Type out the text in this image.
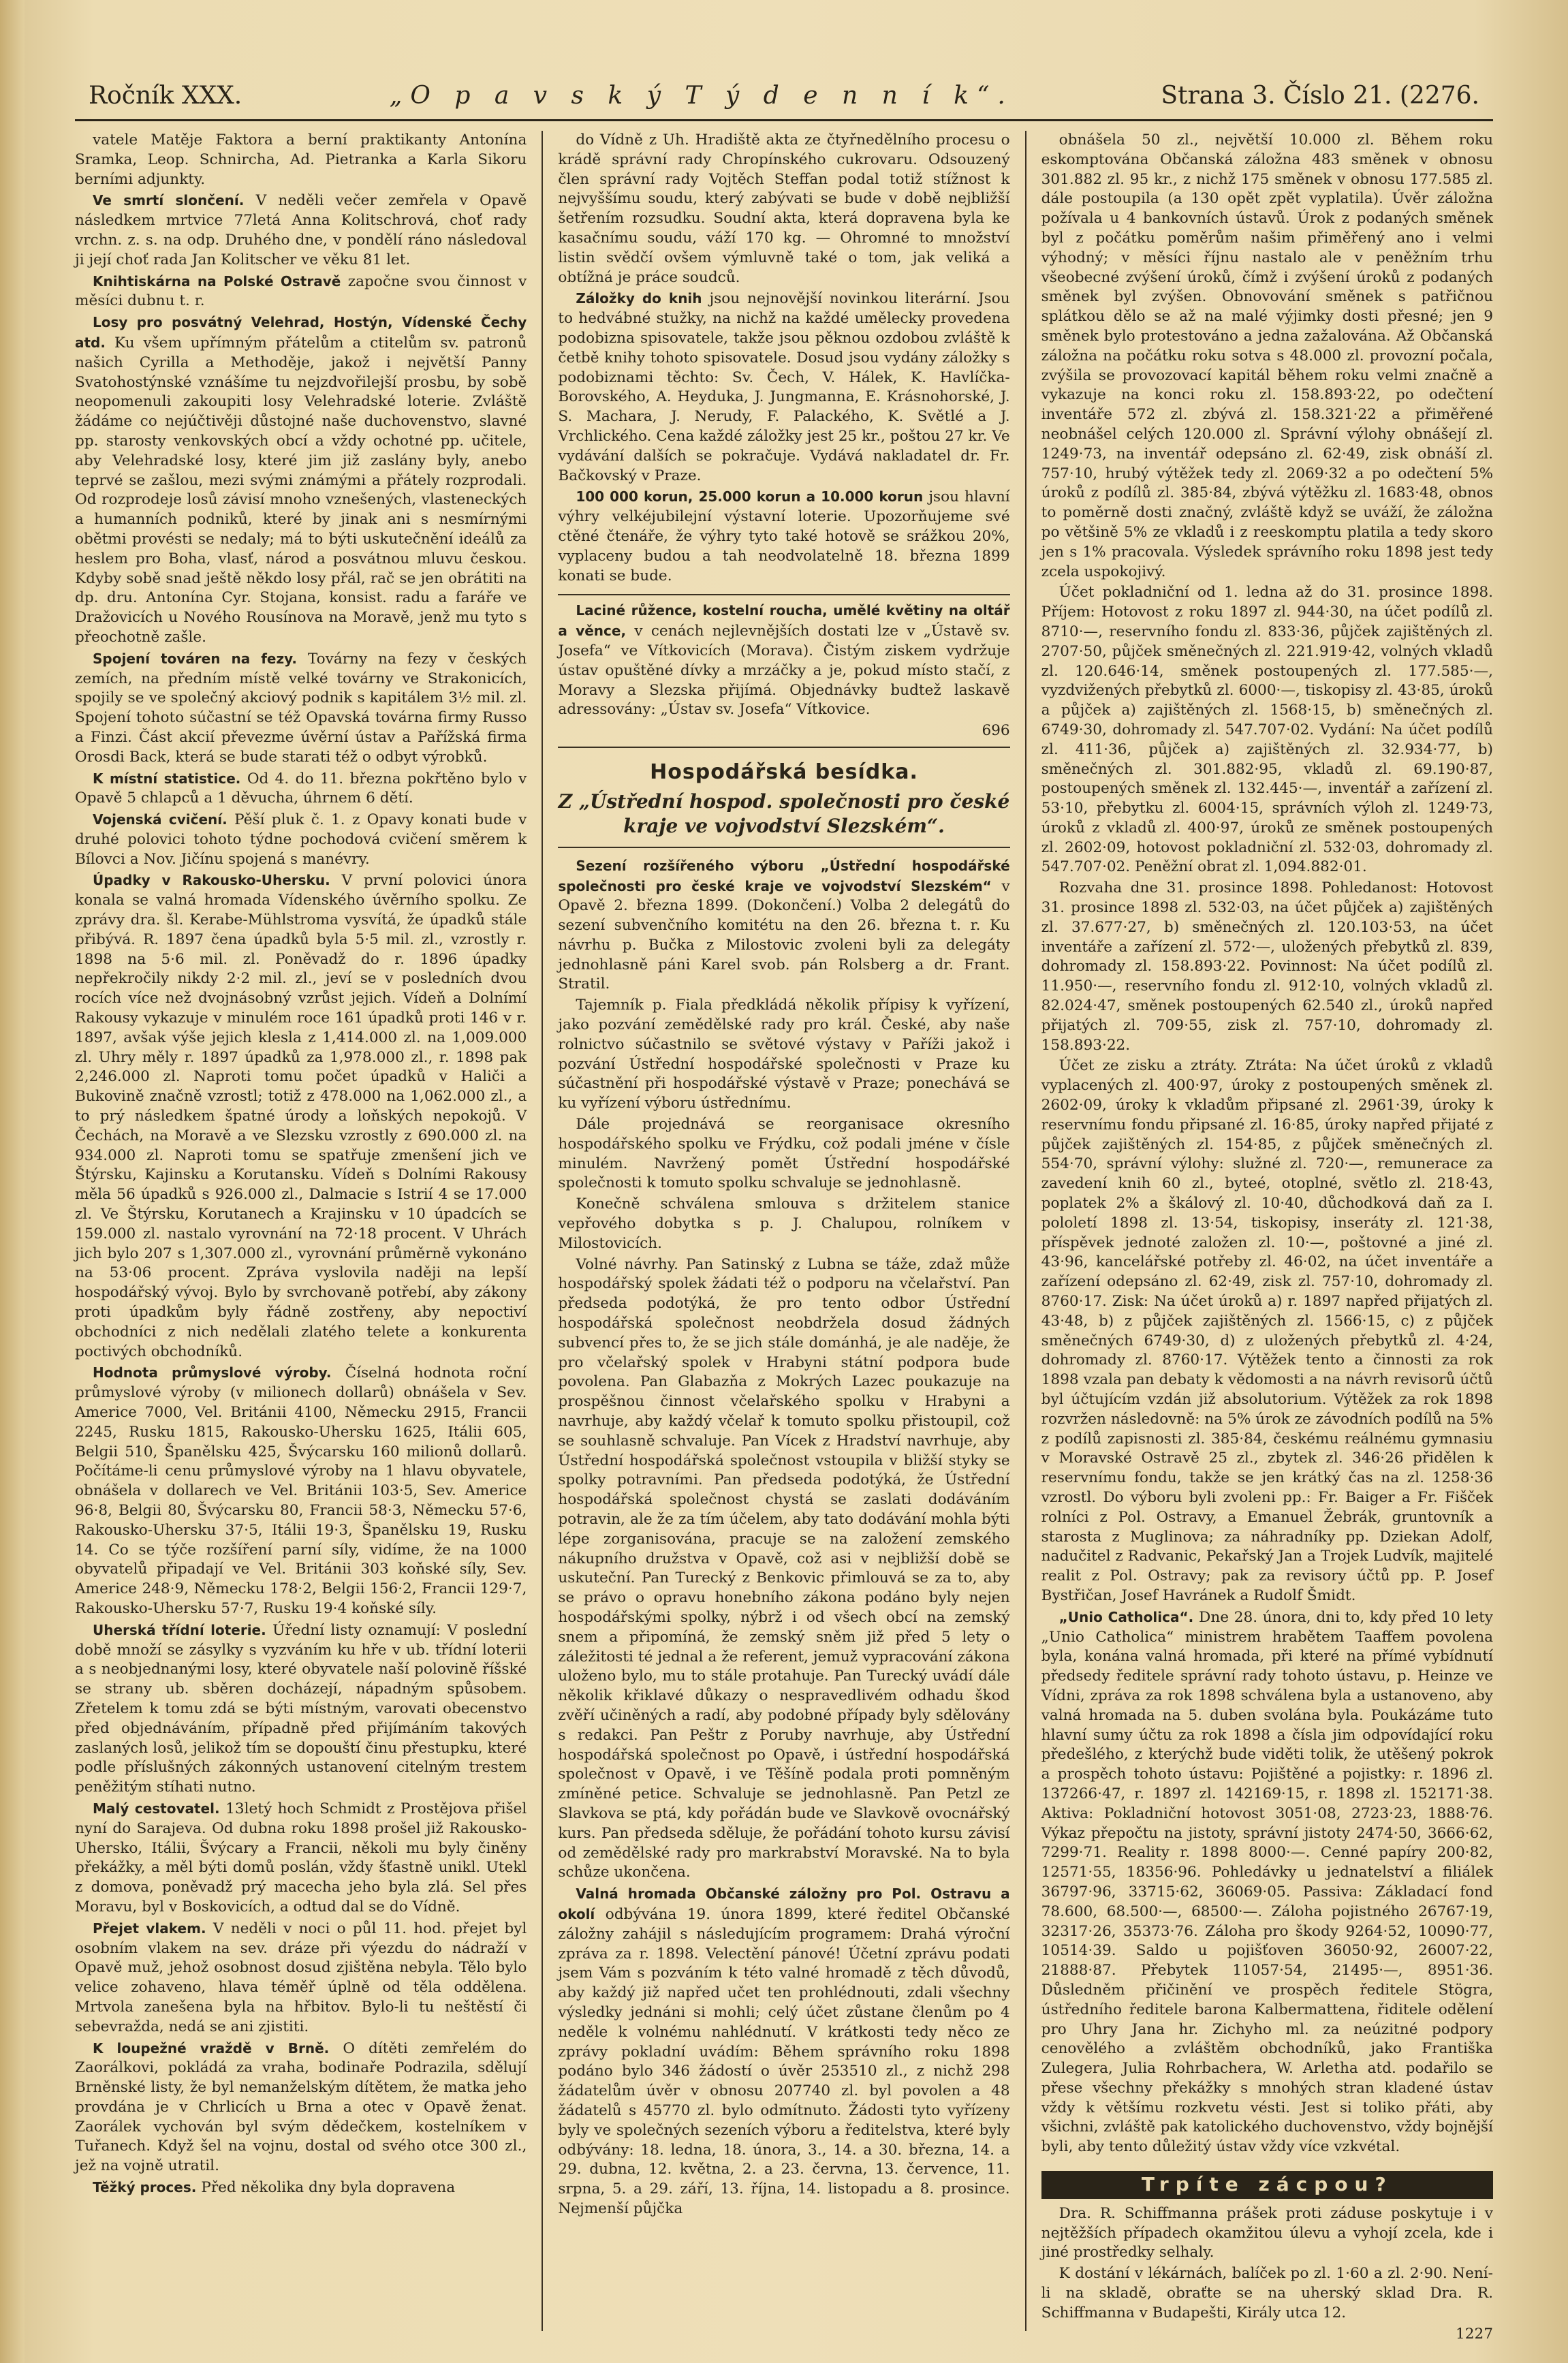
Ročník XXX.	„O p a v s k ý T ý d e n n í k“.	Strana 3. Číslo 21. (2276.

vatele Matěje Faktora a berní praktikanty Antonína Sramka, Leop. Schnircha, Ad. Pietranka a Karla Sikoru berními adjunkty.

Ve smrtí slončení. V neděli večer zemřela v Opavě následkem mrtvice 77letá Anna Kolitschrová, choť rady vrchn. z. s. na odp. Druhého dne, v pondělí ráno následoval ji její choť rada Jan Kolitscher ve věku 81 let.

Knihtiskárna na Polské Ostravě započne svou činnost v měsíci dubnu t. r.

Losy pro posvátný Velehrad, Hostýn, Vídenské Čechy atd. Ku všem upřímným přátelům a ctitelům sv. patronů našich Cyrilla a Methoděje, jakož i největší Panny Svatohostýnské vznášíme tu nejzdvořilejší prosbu, by sobě neopomenuli zakoupiti losy Velehradské loterie. Zvláště žádáme co nejúčtivěji důstojné naše duchovenstvo, slavné pp. starosty venkovských obcí a vždy ochotné pp. učitele, aby Velehradské losy, které jim již zaslány byly, anebo teprvé se zašlou, mezi svými známými a přátely rozprodali. Od rozprodeje losů závisí mnoho vznešených, vlasteneckých a humanních podniků, které by jinak ani s nesmírnými obětmi provésti se nedaly; má to býti uskutečnění ideálů za heslem pro Boha, vlasť, národ a posvátnou mluvu českou. Kdyby sobě snad ještě někdo losy přál, rač se jen obrátiti na dp. dru. Antonína Cyr. Stojana, konsist. radu a faráře ve Dražovicích u Nového Rousínova na Moravě, jenž mu tyto s přeochotně zašle.

Spojení továren na fezy. Továrny na fezy v českých zemích, na předním místě velké továrny ve Strakonicích, spojily se ve společný akciový podnik s kapitálem 3½ mil. zl. Spojení tohoto súčastní se též Opavská továrna firmy Russo a Finzi. Část akcií převezme úvěrní ústav a Pařížská firma Orosdi Back, která se bude starati též o odbyt výrobků.

K místní statistice. Od 4. do 11. března pokřtěno bylo v Opavě 5 chlapců a 1 děvucha, úhrnem 6 dětí.

Vojenská cvičení. Pěší pluk č. 1. z Opavy konati bude v druhé polovici tohoto týdne pochodová cvičení směrem k Bílovci a Nov. Jičínu spojená s manévry.

Úpadky v Rakousko-Uhersku. V první polovici února konala se valná hromada Vídenského úvěrního spolku. Ze zprávy dra. šl. Kerabe-Mühlstroma vysvítá, že úpadků stále přibývá. R. 1897 čena úpadků byla 5·5 mil. zl., vzrostly r. 1898 na 5·6 mil. zl. Poněvadž do r. 1896 úpadky nepřekročily nikdy 2·2 mil. zl., jeví se v posledních dvou rocích více než dvojnásobný vzrůst jejich. Vídeň a Dolnímí Rakousy vykazuje v minulém roce 161 úpadků proti 146 v r. 1897, avšak výše jejich klesla z 1,414.000 zl. na 1,009.000 zl. Uhry měly r. 1897 úpadků za 1,978.000 zl., r. 1898 pak 2,246.000 zl. Naproti tomu počet úpadků v Haliči a Bukovině značně vzrostl; totiž z 478.000 na 1,062.000 zl., a to prý následkem špatné úrody a loňských nepokojů. V Čechách, na Moravě a ve Slezsku vzrostly z 690.000 zl. na 934.000 zl. Naproti tomu se spatřuje zmenšení jich ve Štýrsku, Kajinsku a Korutansku. Vídeň s Dolními Rakousy měla 56 úpadků s 926.000 zl., Dalmacie s Istrií 4 se 17.000 zl. Ve Štýrsku, Korutanech a Krajinsku v 10 úpadcích se 159.000 zl. nastalo vyrovnání na 72·18 procent. V Uhrách jich bylo 207 s 1,307.000 zl., vyrovnání průměrně vykonáno na 53·06 procent. Zpráva vyslovila naději na lepší hospodářský vývoj. Bylo by svrchovaně potřebí, aby zákony proti úpadkům byly řádně zostřeny, aby nepoctiví obchodníci z nich nedělali zlatého telete a konkurenta poctivých obchodníků.

Hodnota průmyslové výroby. Číselná hodnota roční průmyslové výroby (v milionech dollarů) obnášela v Sev. Americe 7000, Vel. Británii 4100, Německu 2915, Francii 2245, Rusku 1815, Rakousko-Uhersku 1625, Itálii 605, Belgii 510, Španělsku 425, Švýcarsku 160 milionů dollarů. Počítáme-li cenu průmyslové výroby na 1 hlavu obyvatele, obnášela v dollarech ve Vel. Británii 103·5, Sev. Americe 96·8, Belgii 80, Švýcarsku 80, Francii 58·3, Německu 57·6, Rakousko-Uhersku 37·5, Itálii 19·3, Španělsku 19, Rusku 14. Co se týče rozšíření parní síly, vidíme, že na 1000 obyvatelů připadají ve Vel. Británii 303 koňské síly, Sev. Americe 248·9, Německu 178·2, Belgii 156·2, Francii 129·7, Rakousko-Uhersku 57·7, Rusku 19·4 koňské síly.

Uherská třídní loterie. Úřední listy oznamují: V poslední době množí se zásylky s vyzváním ku hře v ub. třídní loterii a s neobjednanými losy, které obyvatele naší polovině říšské se strany ub. sběren docházejí, nápadným spůsobem. Zřetelem k tomu zdá se býti místným, varovati obecenstvo před objednáváním, případně před přijímáním takových zaslaných losů, jelikož tím se dopouští činu přestupku, které podle příslušných zákonných ustanovení citelným trestem peněžitým stíhati nutno.

Malý cestovatel. 13letý hoch Schmidt z Prostějova přišel nyní do Sarajeva. Od dubna roku 1898 prošel již Rakousko-Uhersko, Itálii, Švýcary a Francii, několi mu byly činěny překážky, a měl býti domů poslán, vždy šťastně unikl. Utekl z domova, poněvadž prý macecha jeho byla zlá. Sel přes Moravu, byl v Boskovicích, a odtud dal se do Vídně.

Přejet vlakem. V neděli v noci o půl 11. hod. přejet byl osobním vlakem na sev. dráze při výezdu do nádraží v Opavě muž, jehož osobnost dosud zjištěna nebyla. Tělo bylo velice zohaveno, hlava téměř úplně od těla oddělena. Mrtvola zanešena byla na hřbitov. Bylo-li tu neštěstí či sebevražda, nedá se ani zjistiti.

K loupežné vraždě v Brně. O dítěti zemřelém do Zaorálkovi, pokládá za vraha, bodinaře Podrazila, sdělují Brněnské listy, že byl nemanželským dítětem, že matka jeho provdána je v Chrlicích u Brna a otec v Opavě ženat. Zaorálek vychován byl svým dědečkem, kostelníkem v Tuřanech. Když šel na vojnu, dostal od svého otce 300 zl., jež na vojně utratil.

Těžký proces. Před několika dny byla dopravena

do Vídně z Uh. Hradiště akta ze čtyřnedělního procesu o krádě správní rady Chropínského cukrovaru. Odsouzený člen správní rady Vojtěch Steffan podal totiž stížnost k nejvyššímu soudu, který zabývati se bude v době nejbližší šetřením rozsudku. Soudní akta, která dopravena byla ke kasačnímu soudu, váží 170 kg. — Ohromné to množství listin svědčí ovšem výmluvně také o tom, jak veliká a obtížná je práce soudců.

Záložky do knih jsou nejnovější novinkou literární. Jsou to hedvábné stužky, na nichž na každé umělecky provedena podobizna spisovatele, takže jsou pěknou ozdobou zvláště k četbě knihy tohoto spisovatele. Dosud jsou vydány záložky s podobiznami těchto: Sv. Čech, V. Hálek, K. Havlíčka-Borovského, A. Heyduka, J. Jungmanna, E. Krásnohorské, J. S. Machara, J. Nerudy, F. Palackého, K. Světlé a J. Vrchlického. Cena každé záložky jest 25 kr., poštou 27 kr. Ve vydávání dalších se pokračuje. Vydává nakladatel dr. Fr. Bačkovský v Praze.

100 000 korun, 25.000 korun a 10.000 korun jsou hlavní výhry velkéjubilejní výstavní loterie. Upozorňujeme své ctěné čtenáře, že výhry tyto také hotově se srážkou 20%, vyplaceny budou a tah neodvolatelně 18. března 1899 konati se bude.

Laciné růžence, kostelní roucha, umělé květiny na oltář a věnce, v cenách nejlevnějších dostati lze v „Ústavě sv. Josefa“ ve Vítkovicích (Morava). Čistým ziskem vydržuje ústav opuštěné dívky a mrzáčky a je, pokud místo stačí, z Moravy a Slezska přijímá. Objednávky budtež laskavě adressovány: „Ústav sv. Josefa“ Vítkovice.

696
Hospodářská besídka.
Z „Ústřední hospod. společnosti pro české kraje ve vojvodství Slezském“.

Sezení rozšířeného výboru „Ústřední hospodářské společnosti pro české kraje ve vojvodství Slezském“ v Opavě 2. března 1899. (Dokončení.) Volba 2 delegátů do sezení subvenčního komitétu na den 26. března t. r. Ku návrhu p. Bučka z Milostovic zvoleni byli za delegáty jednohlasně páni Karel svob. pán Rolsberg a dr. Frant. Stratil.

Tajemník p. Fiala předkládá několik přípisy k vyřízení, jako pozvání zemědělské rady pro král. České, aby naše rolnictvo súčastnilo se světové výstavy v Paříži jakož i pozvání Ústřední hospodářské společnosti v Praze ku súčastnění při hospodářské výstavě v Praze; ponechává se ku vyřízení výboru ústřednímu.

Dále projednává se reorganisace okresního hospodářského spolku ve Frýdku, což podali jméne v čísle minulém. Navržený pomět Ústřední hospodářské společnosti k tomuto spolku schvaluje se jednohlasně.

Konečně schválena smlouva s držitelem stanice vepřového dobytka s p. J. Chalupou, rolníkem v Milostovicích.

Volné návrhy. Pan Satinský z Lubna se táže, zdaž může hospodářský spolek žádati též o podporu na včelařství. Pan předseda podotýká, že pro tento odbor Ústřední hospodářská společnost neobdržela dosud žádných subvencí přes to, že se jich stále dománhá, je ale naděje, že pro včelařský spolek v Hrabyni státní podpora bude povolena. Pan Glabazňa z Mokrých Lazec poukazuje na prospěšnou činnost včelařského spolku v Hrabyni a navrhuje, aby každý včelař k tomuto spolku přistoupil, což se souhlasně schvaluje. Pan Vícek z Hradství navrhuje, aby Ústřední hospodářská společnost vstoupila v bližší styky se spolky potravními. Pan předseda podotýká, že Ústřední hospodářská společnost chystá se zaslati dodáváním potravin, ale že za tím účelem, aby tato dodávání mohla býti lépe zorganisována, pracuje se na založení zemského nákupního družstva v Opavě, což asi v nejbližší době se uskuteční. Pan Turecký z Benkovic přimlouvá se za to, aby se právo o opravu honebního zákona podáno byly nejen hospodářskými spolky, nýbrž i od všech obcí na zemský snem a připomíná, že zemský sněm již před 5 lety o záležitosti té jednal a že referent, jemuž vypracování zákona uloženo bylo, mu to stále protahuje. Pan Turecký uvádí dále několik křiklavé důkazy o nespravedlivém odhadu škod zvěří učiněných a radí, aby podobné případy byly sdělovány s redakci. Pan Peštr z Poruby navrhuje, aby Ústřední hospodářská společnost po Opavě, i ústřední hospodářská společnost v Opavě, i ve Těšíně podala proti pomněným zmíněné petice. Schvaluje se jednohlasně. Pan Petzl ze Slavkova se ptá, kdy pořádán bude ve Slavkově ovocnářský kurs. Pan předseda sděluje, že pořádání tohoto kursu závisí od zemědělské rady pro markrabství Moravské. Na to byla schůze ukončena.

Valná hromada Občanské záložny pro Pol. Ostravu a okolí odbývána 19. února 1899, které ředitel Občanské záložny zahájil s následujícím programem: Drahá výroční zpráva za r. 1898. Velectění pánové! Účetní zprávu podati jsem Vám s pozváním k této valné hromadě z těch důvodů, aby každý již napřed učet ten prohlédnouti, zdali všechny výsledky jednáni si mohli; celý účet zůstane členům po 4 neděle k volnému nahlédnutí. V krátkosti tedy něco ze zprávy pokladní uvádím: Během správního roku 1898 podáno bylo 346 žádostí o úvěr 253510 zl., z nichž 298 žádatelům úvěr v obnosu 207740 zl. byl povolen a 48 žádatelů s 45770 zl. bylo odmítnuto. Žádosti tyto vyřízeny byly ve společných sezeních výboru a ředitelstva, které byly odbývány: 18. ledna, 18. února, 3., 14. a 30. března, 14. a 29. dubna, 12. května, 2. a 23. června, 13. července, 11. srpna, 5. a 29. září, 13. října, 14. listopadu a 8. prosince. Nejmenší půjčka

obnášela 50 zl., největší 10.000 zl. Během roku eskomptována Občanská záložna 483 směnek v obnosu 301.882 zl. 95 kr., z nichž 175 směnek v obnosu 177.585 zl. dále postoupila (a 130 opět zpět vyplatila). Úvěr záložna požívala u 4 bankovních ústavů. Úrok z podaných směnek byl z počátku poměrům našim přiměřený ano i velmi výhodný; v měsíci říjnu nastalo ale v peněžním trhu všeobecné zvýšení úroků, čímž i zvýšení úroků z podaných směnek byl zvýšen. Obnovování směnek s patřičnou splátkou dělo se až na malé výjimky dosti přesné; jen 9 směnek bylo protestováno a jedna zažalována. Až Občanská záložna na počátku roku sotva s 48.000 zl. provozní počala, zvýšila se provozovací kapitál během roku velmi značně a vykazuje na konci roku zl. 158.893·22, po odečtení inventáře 572 zl. zbývá zl. 158.321·22 a přiměřené neobnášel celých 120.000 zl. Správní výlohy obnášejí zl. 1249·73, na inventář odepsáno zl. 62·49, zisk obnáší zl. 757·10, hrubý výtěžek tedy zl. 2069·32 a po odečtení 5% úroků z podílů zl. 385·84, zbývá výtěžku zl. 1683·48, obnos to poměrně dosti značný, zvláště když se uváží, že záložna po většině 5% ze vkladů i z reeskomptu platila a tedy skoro jen s 1% pracovala. Výsledek správního roku 1898 jest tedy zcela uspokojivý.

Účet pokladniční od 1. ledna až do 31. prosince 1898. Příjem: Hotovost z roku 1897 zl. 944·30, na účet podílů zl. 8710·—, reservního fondu zl. 833·36, půjček zajištěných zl. 2707·50, půjček směnečných zl. 221.919·42, volných vkladů zl. 120.646·14, směnek postoupených zl. 177.585·—, vyzdvižených přebytků zl. 6000·—, tiskopisy zl. 43·85, úroků a půjček a) zajištěných zl. 1568·15, b) směnečných zl. 6749·30, dohromady zl. 547.707·02. Vydání: Na účet podílů zl. 411·36, půjček a) zajištěných zl. 32.934·77, b) směnečných zl. 301.882·95, vkladů zl. 69.190·87, postoupených směnek zl. 132.445·—, inventář a zařízení zl. 53·10, přebytku zl. 6004·15, správních výloh zl. 1249·73, úroků z vkladů zl. 400·97, úroků ze směnek postoupených zl. 2602·09, hotovost pokladniční zl. 532·03, dohromady zl. 547.707·02. Peněžní obrat zl. 1,094.882·01.

Rozvaha dne 31. prosince 1898. Pohledanost: Hotovost 31. prosince 1898 zl. 532·03, na účet půjček a) zajištěných zl. 37.677·27, b) směnečných zl. 120.103·53, na účet inventáře a zařízení zl. 572·—, uložených přebytků zl. 839, dohromady zl. 158.893·22. Povinnost: Na účet podílů zl. 11.950·—, reservního fondu zl. 912·10, volných vkladů zl. 82.024·47, směnek postoupených 62.540 zl., úroků napřed přijatých zl. 709·55, zisk zl. 757·10, dohromady zl. 158.893·22.

Účet ze zisku a ztráty. Ztráta: Na účet úroků z vkladů vyplacených zl. 400·97, úroky z postoupených směnek zl. 2602·09, úroky k vkladům připsané zl. 2961·39, úroky k reservnímu fondu připsané zl. 16·85, úroky napřed přijaté z půjček zajištěných zl. 154·85, z půjček směnečných zl. 554·70, správní výlohy: služné zl. 720·—, remunerace za zavedení knih 60 zl., byteé, otoplné, světlo zl. 218·43, poplatek 2% a škálový zl. 10·40, důchodková daň za I. pololetí 1898 zl. 13·54, tiskopisy, inseráty zl. 121·38, příspěvek jednoté založen zl. 10·—, poštovné a jiné zl. 43·96, kancelářské potřeby zl. 46·02, na účet inventáře a zařízení odepsáno zl. 62·49, zisk zl. 757·10, dohromady zl. 8760·17. Zisk: Na účet úroků a) r. 1897 napřed přijatých zl. 43·48, b) z půjček zajištěných zl. 1566·15, c) z půjček směnečných 6749·30, d) z uložených přebytků zl. 4·24, dohromady zl. 8760·17. Výtěžek tento a činnosti za rok 1898 vzala pan debaty k vědomosti a na návrh revisorů účtů byl účtujícím vzdán již absolutorium. Výtěžek za rok 1898 rozvržen následovně: na 5% úrok ze závodních podílů na 5% z podílů zapisnosti zl. 385·84, českému reálnému gymnasiu v Moravské Ostravě 25 zl., zbytek zl. 346·26 přidělen k reservnímu fondu, takže se jen krátký čas na zl. 1258·36 vzrostl. Do výboru byli zvoleni pp.: Fr. Baiger a Fr. Fišček rolníci z Pol. Ostravy, a Emanuel Žebrák, gruntovník a starosta z Muglinova; za náhradníky pp. Dziekan Adolf, nadučitel z Radvanic, Pekařský Jan a Trojek Ludvík, majitelé realit z Pol. Ostravy; pak za revisory účtů pp. P. Josef Bystřičan, Josef Havránek a Rudolf Šmidt.

„Unio Catholica“. Dne 28. února, dni to, kdy před 10 lety „Unio Catholica“ ministrem hrabětem Taaffem povolena byla, konána valná hromada, při které na přímé vybídnutí předsedy ředitele správní rady tohoto ústavu, p. Heinze ve Vídni, zpráva za rok 1898 schválena byla a ustanoveno, aby valná hromada na 5. duben svolána byla. Poukázáme tuto hlavní sumy účtu za rok 1898 a čísla jim odpovídající roku předešlého, z kterýchž bude viděti tolik, že utěšený pokrok a prospěch tohoto ústavu: Pojištěné a pojistky: r. 1896 zl. 137266·47, r. 1897 zl. 142169·15, r. 1898 zl. 152171·38. Aktiva: Pokladniční hotovost 3051·08, 2723·23, 1888·76. Výkaz přepočtu na jistoty, správní jistoty 2474·50, 3666·62, 7299·71. Reality r. 1898 8000·—. Cenné papíry 200·82, 12571·55, 18356·96. Pohledávky u jednatelství a filiálek 36797·96, 33715·62, 36069·05. Passiva: Základací fond 78.600, 68.500·—, 68500·—. Záloha pojistného 26767·19, 32317·26, 35373·76. Záloha pro škody 9264·52, 10090·77, 10514·39. Saldo u pojišťoven 36050·92, 26007·22, 21888·87. Přebytek 11057·54, 21495·—, 8951·36. Důsledněm přičinění ve prospěch ředitele Stögra, ústředního ředitele barona Kalbermattena, řiditele odělení pro Uhry Jana hr. Zichyho ml. za neúzitné podpory cenovělého a zvláštěm obchodníků, jako Františka Zulegera, Julia Rohrbachera, W. Arletha atd. podařilo se přese všechny překážky s mnohých stran kladené ústav vždy k většímu rozkvetu vésti. Jest si toliko přáti, aby všichni, zvláště pak katolického duchovenstvo, vždy bojnější byli, aby tento důležitý ústav vždy více vzkvétal.

Trpíte zácpou?

Dra. R. Schiffmanna prášek proti záduse poskytuje i v nejtěžších případech okamžitou úlevu a vyhojí zcela, kde i jiné prostředky selhaly.

K dostání v lékárnách, balíček po zl. 1·60 a zl. 2·90. Není-li na skladě, obraťte se na uherský sklad Dra. R. Schiffmanna v Budapešti, Király utca 12.

1227
